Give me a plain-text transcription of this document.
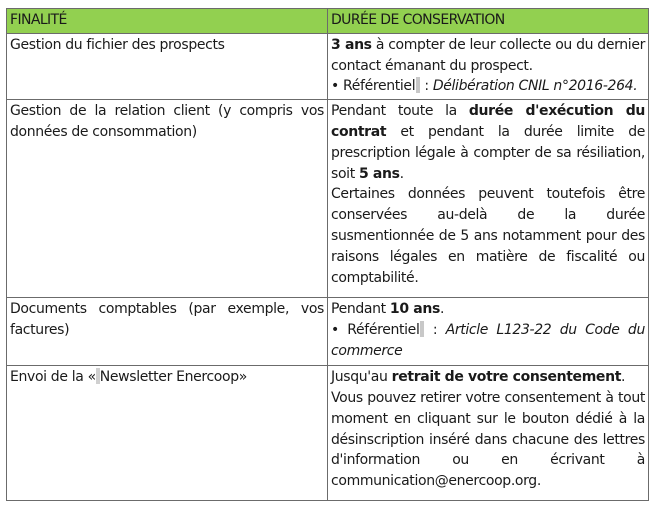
FINALITÉ	DURÉE DE CONSERVATION
Gestion du fichier des prospects	3 ans à compter de leur collecte ou du dernier contact émanant du prospect.

• Référentiel : Délibération CNIL n°2016-264.

Gestion de la relation client (y compris vos données de consommation)	Pendant toute la durée d'exécution du contrat et pendant la durée limite de prescription légale à compter de sa résiliation, soit 5 ans.

Certaines données peuvent toutefois être conservées au-delà de la durée susmentionnée de 5 ans notamment pour des raisons légales en matière de fiscalité ou comptabilité.

Documents comptables (par exemple, vos factures)	Pendant 10 ans.

• Référentiel : Article L123-22 du Code du commerce

Envoi de la « Newsletter Enercoop»	Jusqu'au retrait de votre consentement.

Vous pouvez retirer votre consentement à tout moment en cliquant sur le bouton dédié à la désinscription inséré dans chacune des lettres d'information ou en écrivant à communication@enercoop.org.
